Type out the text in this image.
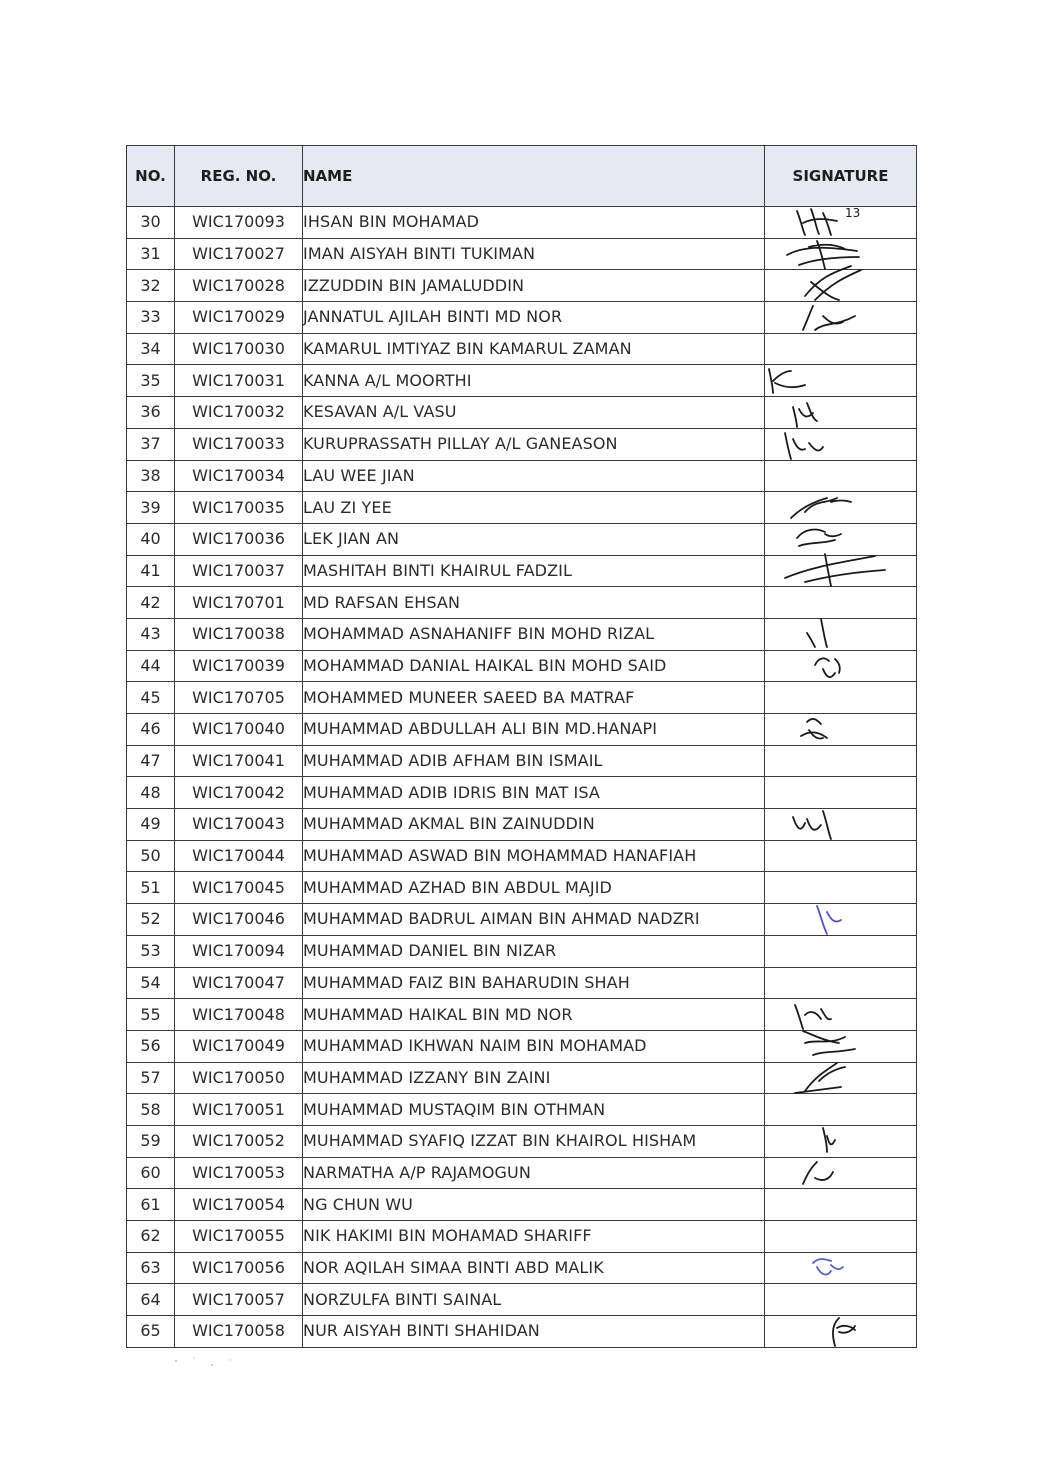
NO.	REG. NO.	NAME	SIGNATURE
30	WIC170093	IHSAN BIN MOHAMAD	13

31	WIC170027	IMAN AISYAH BINTI TUKIMAN	

32	WIC170028	IZZUDDIN BIN JAMALUDDIN	

33	WIC170029	JANNATUL AJILAH BINTI MD NOR	

34	WIC170030	KAMARUL IMTIYAZ BIN KAMARUL ZAMAN	
35	WIC170031	KANNA A/L MOORTHI	

36	WIC170032	KESAVAN A/L VASU	

37	WIC170033	KURUPRASSATH PILLAY A/L GANEASON	

38	WIC170034	LAU WEE JIAN	
39	WIC170035	LAU ZI YEE	

40	WIC170036	LEK JIAN AN	

41	WIC170037	MASHITAH BINTI KHAIRUL FADZIL	

42	WIC170701	MD RAFSAN EHSAN	
43	WIC170038	MOHAMMAD ASNAHANIFF BIN MOHD RIZAL	

44	WIC170039	MOHAMMAD DANIAL HAIKAL BIN MOHD SAID	

45	WIC170705	MOHAMMED MUNEER SAEED BA MATRAF	
46	WIC170040	MUHAMMAD ABDULLAH ALI BIN MD.HANAPI	

47	WIC170041	MUHAMMAD ADIB AFHAM BIN ISMAIL	
48	WIC170042	MUHAMMAD ADIB IDRIS BIN MAT ISA	
49	WIC170043	MUHAMMAD AKMAL BIN ZAINUDDIN	

50	WIC170044	MUHAMMAD ASWAD BIN MOHAMMAD HANAFIAH	
51	WIC170045	MUHAMMAD AZHAD BIN ABDUL MAJID	
52	WIC170046	MUHAMMAD BADRUL AIMAN BIN AHMAD NADZRI	

53	WIC170094	MUHAMMAD DANIEL BIN NIZAR	
54	WIC170047	MUHAMMAD FAIZ BIN BAHARUDIN SHAH	
55	WIC170048	MUHAMMAD HAIKAL BIN MD NOR	

56	WIC170049	MUHAMMAD IKHWAN NAIM BIN MOHAMAD	

57	WIC170050	MUHAMMAD IZZANY BIN ZAINI	

58	WIC170051	MUHAMMAD MUSTAQIM BIN OTHMAN	
59	WIC170052	MUHAMMAD SYAFIQ IZZAT BIN KHAIROL HISHAM	

60	WIC170053	NARMATHA A/P RAJAMOGUN	

61	WIC170054	NG CHUN WU	
62	WIC170055	NIK HAKIMI BIN MOHAMAD SHARIFF	
63	WIC170056	NOR AQILAH SIMAA BINTI ABD MALIK	

64	WIC170057	NORZULFA BINTI SAINAL	
65	WIC170058	NUR AISYAH BINTI SHAHIDAN	
